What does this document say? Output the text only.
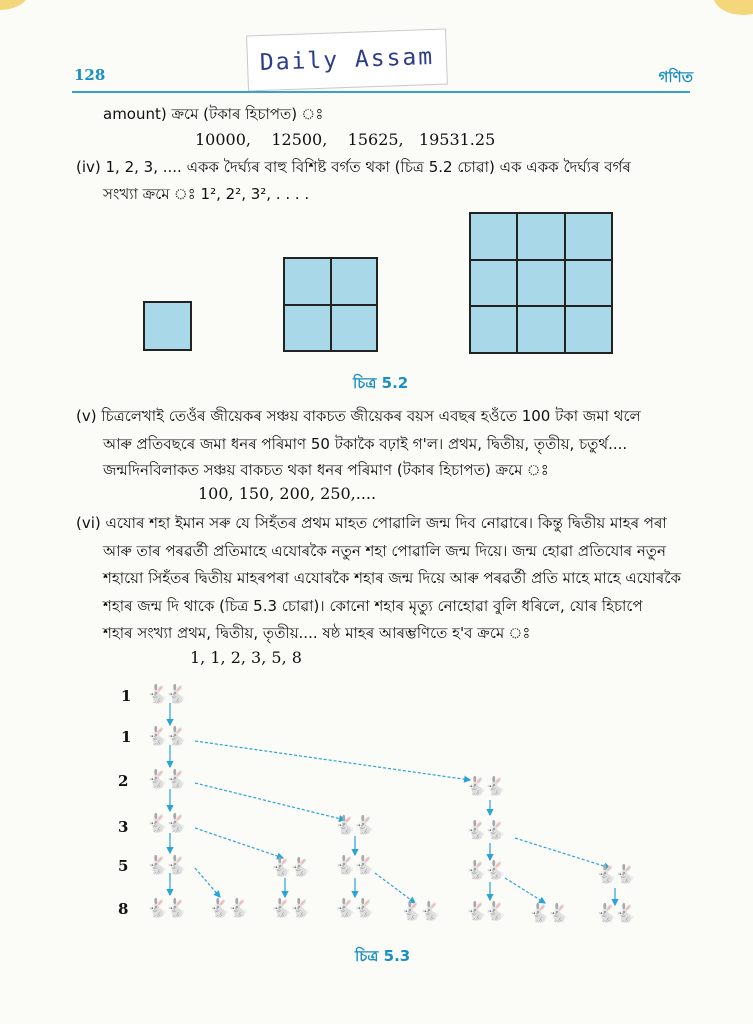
Daily Assam
128	গণিত
amount) ক্ৰমে (টকাৰ হিচাপত) ঃ
10000,    12500,    15625,   19531.25
(iv) 1, 2, 3, .... একক দৈৰ্ঘ্যৰ বাহু বিশিষ্ট বৰ্গত থকা (চিত্ৰ 5.2 চোৱা) এক একক দৈৰ্ঘ্যৰ বৰ্গৰ
সংখ্যা ক্ৰমে ঃ 1², 2², 3², . . . .
চিত্ৰ 5.2
(v) চিত্ৰলেখাই তেওঁৰ জীয়েকৰ সঞ্চয় বাকচত জীয়েকৰ বয়স এবছৰ হওঁতে 100 টকা জমা থলে
আৰু প্ৰতিবছৰে জমা ধনৰ পৰিমাণ 50 টকাকৈ বঢ়াই গ'ল। প্ৰথম, দ্বিতীয়, তৃতীয়, চতুৰ্থ....
জন্মদিনবিলাকত সঞ্চয় বাকচত থকা ধনৰ পৰিমাণ (টকাৰ হিচাপত) ক্ৰমে ঃ
100, 150, 200, 250,....
(vi) এযোৰ শহা ইমান সৰু যে সিহঁতৰ প্ৰথম মাহত পোৱালি জন্ম দিব নোৱাৰে। কিন্তু দ্বিতীয় মাহৰ পৰা
আৰু তাৰ পৰৱৰ্তী প্ৰতিমাহে এযোৰকৈ নতুন শহা পোৱালি জন্ম দিয়ে। জন্ম হোৱা প্ৰতিযোৰ নতুন
শহায়ো সিহঁতৰ দ্বিতীয় মাহৰপৰা এযোৰকৈ শহাৰ জন্ম দিয়ে আৰু পৰৱৰ্তী প্ৰতি মাহে মাহে এযোৰকৈ
শহাৰ জন্ম দি থাকে (চিত্ৰ 5.3 চোৱা)। কোনো শহাৰ মৃত্যু নোহোৱা বুলি ধৰিলে, যোৰ হিচাপে
শহাৰ সংখ্যা প্ৰথম, দ্বিতীয়, তৃতীয়.... ষষ্ঠ মাহৰ আৰম্ভণিতে হ'ব ক্ৰমে ঃ
1, 1, 2, 3, 5, 8
1
1
2
3
5
8
🐇🐇
🐇🐇
🐇🐇
🐇🐇
🐇🐇
🐇🐇
🐇🐇
🐇🐇
🐇🐇
🐇🐇
🐇🐇
🐇🐇
🐇🐇
🐇🐇
🐇🐇
🐇🐇	🐇🐇	🐇🐇
🐇🐇
🐇🐇
চিত্ৰ 5.3
